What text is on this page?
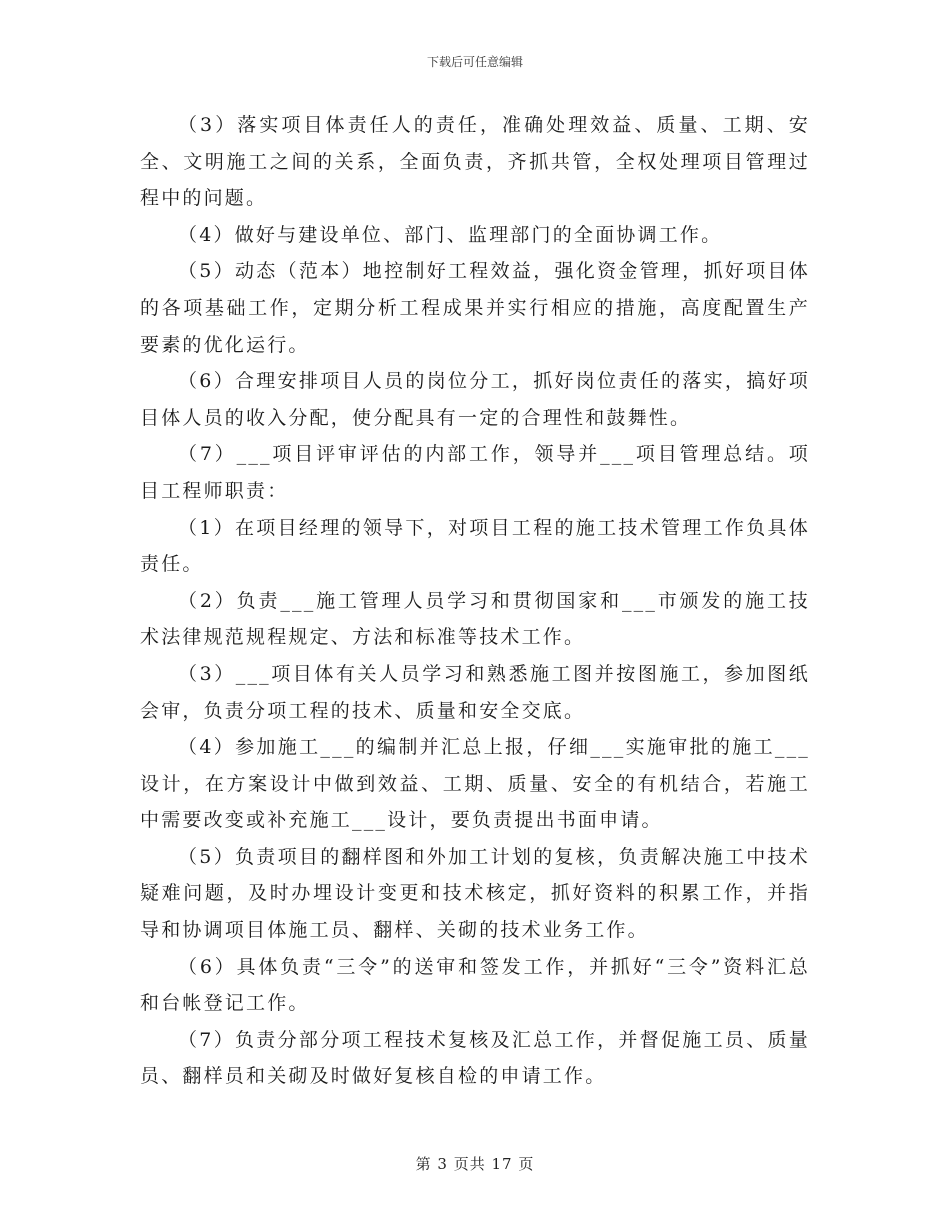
下载后可任意编辑

（3）落实项目体责任人的责任，准确处理效益、质量、工期、安全、文明施工之间的关系，全面负责，齐抓共管，全权处理项目管理过程中的问题。

（4）做好与建设单位、部门、监理部门的全面协调工作。

（5）动态（范本）地控制好工程效益，强化资金管理，抓好项目体的各项基础工作，定期分析工程成果并实行相应的措施，高度配置生产要素的优化运行。

（6）合理安排项目人员的岗位分工，抓好岗位责任的落实，搞好项目体人员的收入分配，使分配具有一定的合理性和鼓舞性。

（7）___项目评审评估的内部工作，领导并___项目管理总结。项目工程师职责：

（1）在项目经理的领导下，对项目工程的施工技术管理工作负具体责任。

（2）负责___施工管理人员学习和贯彻国家和___市颁发的施工技术法律规范规程规定、方法和标准等技术工作。

（3）___项目体有关人员学习和熟悉施工图并按图施工，参加图纸会审，负责分项工程的技术、质量和安全交底。

（4）参加施工___的编制并汇总上报，仔细___实施审批的施工___设计，在方案设计中做到效益、工期、质量、安全的有机结合，若施工中需要改变或补充施工___设计，要负责提出书面申请。

（5）负责项目的翻样图和外加工计划的复核，负责解决施工中技术疑难问题，及时办埋设计变更和技术核定，抓好资料的积累工作，并指导和协调项目体施工员、翻样、关砌的技术业务工作。

（6）具体负责“三令”的送审和签发工作，并抓好“三令”资料汇总和台帐登记工作。

（7）负责分部分项工程技术复核及汇总工作，并督促施工员、质量员、翻样员和关砌及时做好复核自检的申请工作。

第 3 页共 17 页
